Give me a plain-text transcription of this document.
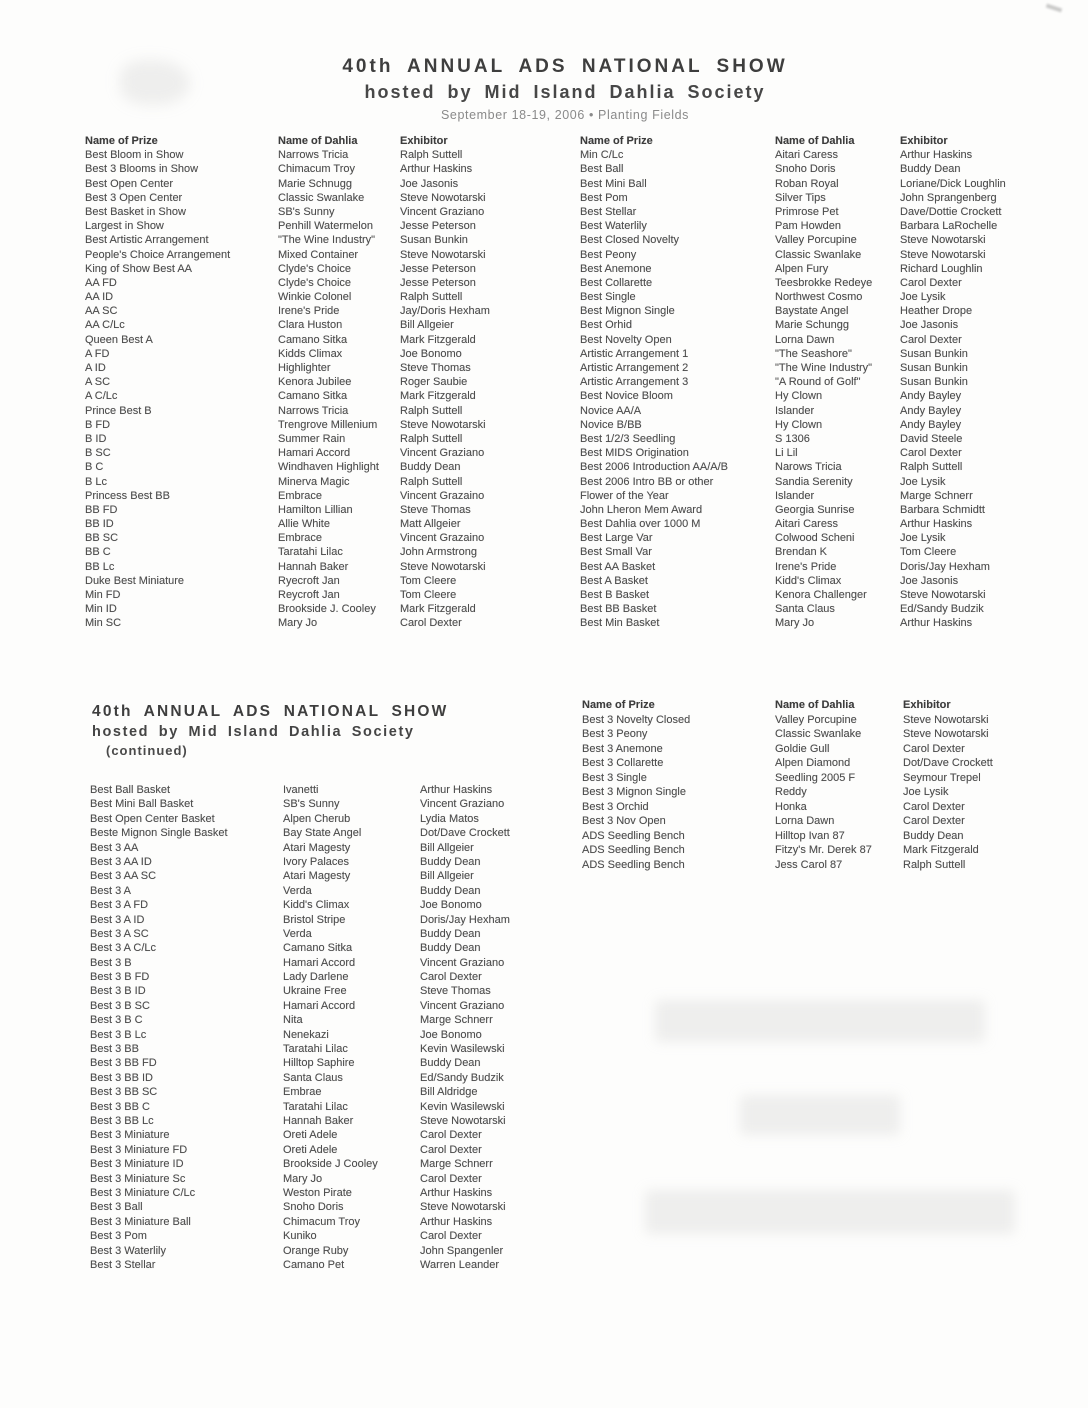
40th ANNUAL ADS NATIONAL SHOW
hosted by Mid Island Dahlia Society
September 18-19, 2006 • Planting Fields
Name of Prize	Name of Dahlia	Exhibitor
Best Bloom in Show	Narrows Tricia	Ralph Suttell
Best 3 Blooms in Show	Chimacum Troy	Arthur Haskins
Best Open Center	Marie Schnugg	Joe Jasonis
Best 3 Open Center	Classic Swanlake	Steve Nowotarski
Best Basket in Show	SB's Sunny	Vincent Graziano
Largest in Show	Penhill Watermelon	Jesse Peterson
Best Artistic Arrangement	"The Wine Industry"	Susan Bunkin
People's Choice Arrangement	Mixed Container	Steve Nowotarski
King of Show Best AA	Clyde's Choice	Jesse Peterson
AA FD	Clyde's Choice	Jesse Peterson
AA ID	Winkie Colonel	Ralph Suttell
AA SC	Irene's Pride	Jay/Doris Hexham
AA C/Lc	Clara Huston	Bill Allgeier
Queen Best A	Camano Sitka	Mark Fitzgerald
A FD	Kidds Climax	Joe Bonomo
A ID	Highlighter	Steve Thomas
A SC	Kenora Jubilee	Roger Saubie
A C/Lc	Camano Sitka	Mark Fitzgerald
Prince Best B	Narrows Tricia	Ralph Suttell
B FD	Trengrove Millenium	Steve Nowotarski
B ID	Summer Rain	Ralph Suttell
B SC	Hamari Accord	Vincent Graziano
B C	Windhaven Highlight	Buddy Dean
B Lc	Minerva Magic	Ralph Suttell
Princess Best BB	Embrace	Vincent Grazaino
BB FD	Hamilton Lillian	Steve Thomas
BB ID	Allie White	Matt Allgeier
BB SC	Embrace	Vincent Grazaino
BB C	Taratahi Lilac	John Armstrong
BB Lc	Hannah Baker	Steve Nowotarski
Duke Best Miniature	Ryecroft Jan	Tom Cleere
Min FD	Reycroft Jan	Tom Cleere
Min ID	Brookside J. Cooley	Mark Fitzgerald
Min SC	Mary Jo	Carol Dexter
Name of Prize	Name of Dahlia	Exhibitor
Min C/Lc	Aitari Caress	Arthur Haskins
Best Ball	Snoho Doris	Buddy Dean
Best Mini Ball	Roban Royal	Loriane/Dick Loughlin
Best Pom	Silver Tips	John Sprangenberg
Best Stellar	Primrose Pet	Dave/Dottie Crockett
Best Waterlily	Pam Howden	Barbara LaRochelle
Best Closed Novelty	Valley Porcupine	Steve Nowotarski
Best Peony	Classic Swanlake	Steve Nowotarski
Best Anemone	Alpen Fury	Richard Loughlin
Best Collarette	Teesbrokke Redeye	Carol Dexter
Best Single	Northwest Cosmo	Joe Lysik
Best Mignon Single	Baystate Angel	Heather Drope
Best Orhid	Marie Schungg	Joe Jasonis
Best Novelty Open	Lorna Dawn	Carol Dexter
Artistic Arrangement 1	"The Seashore"	Susan Bunkin
Artistic Arrangement 2	"The Wine Industry"	Susan Bunkin
Artistic Arrangement 3	"A Round of Golf"	Susan Bunkin
Best Novice Bloom	Hy Clown	Andy Bayley
Novice AA/A	Islander	Andy Bayley
Novice B/BB	Hy Clown	Andy Bayley
Best 1/2/3 Seedling	S 1306	David Steele
Best MIDS Origination	Li Lil	Carol Dexter
Best 2006 Introduction AA/A/B	Narows Tricia	Ralph Suttell
Best 2006 Intro BB or other	Sandia Serenity	Joe Lysik
Flower of the Year	Islander	Marge Schnerr
John Lheron Mem Award	Georgia Sunrise	Barbara Schmidtt
Best Dahlia over 1000 M	Aitari Caress	Arthur Haskins
Best Large Var	Colwood Scheni	Joe Lysik
Best Small Var	Brendan K	Tom Cleere
Best AA Basket	Irene's Pride	Doris/Jay Hexham
Best A Basket	Kidd's Climax	Joe Jasonis
Best B Basket	Kenora Challenger	Steve Nowotarski
Best BB Basket	Santa Claus	Ed/Sandy Budzik
Best Min Basket	Mary Jo	Arthur Haskins
40th ANNUAL ADS NATIONAL SHOW
hosted by Mid Island Dahlia Society
(continued)
Best Ball Basket	Ivanetti	Arthur Haskins
Best Mini Ball Basket	SB's Sunny	Vincent Graziano
Best Open Center Basket	Alpen Cherub	Lydia Matos
Beste Mignon Single Basket	Bay State Angel	Dot/Dave Crockett
Best 3 AA	Atari Magesty	Bill Allgeier
Best 3 AA ID	Ivory Palaces	Buddy Dean
Best 3 AA SC	Atari Magesty	Bill Allgeier
Best 3 A	Verda	Buddy Dean
Best 3 A FD	Kidd's Climax	Joe Bonomo
Best 3 A ID	Bristol Stripe	Doris/Jay Hexham
Best 3 A SC	Verda	Buddy Dean
Best 3 A C/Lc	Camano Sitka	Buddy Dean
Best 3 B	Hamari Accord	Vincent Graziano
Best 3 B FD	Lady Darlene	Carol Dexter
Best 3 B ID	Ukraine Free	Steve Thomas
Best 3 B SC	Hamari Accord	Vincent Graziano
Best 3 B C	Nita	Marge Schnerr
Best 3 B Lc	Nenekazi	Joe Bonomo
Best 3 BB	Taratahi Lilac	Kevin Wasilewski
Best 3 BB FD	Hilltop Saphire	Buddy Dean
Best 3 BB ID	Santa Claus	Ed/Sandy Budzik
Best 3 BB SC	Embrae	Bill Aldridge
Best 3 BB C	Taratahi Lilac	Kevin Wasilewski
Best 3 BB Lc	Hannah Baker	Steve Nowotarski
Best 3 Miniature	Oreti Adele	Carol Dexter
Best 3 Miniature FD	Oreti Adele	Carol Dexter
Best 3 Miniature ID	Brookside J Cooley	Marge Schnerr
Best 3 Miniature Sc	Mary Jo	Carol Dexter
Best 3 Miniature C/Lc	Weston Pirate	Arthur Haskins
Best 3 Ball	Snoho Doris	Steve Nowotarski
Best 3 Miniature Ball	Chimacum Troy	Arthur Haskins
Best 3 Pom	Kuniko	Carol Dexter
Best 3 Waterlily	Orange Ruby	John Spangenler
Best 3 Stellar	Camano Pet	Warren Leander
Name of Prize	Name of Dahlia	Exhibitor
Best 3 Novelty Closed	Valley Porcupine	Steve Nowotarski
Best 3 Peony	Classic Swanlake	Steve Nowotarski
Best 3 Anemone	Goldie Gull	Carol Dexter
Best 3 Collarette	Alpen Diamond	Dot/Dave Crockett
Best 3 Single	Seedling 2005 F	Seymour Trepel
Best 3 Mignon Single	Reddy	Joe Lysik
Best 3 Orchid	Honka	Carol Dexter
Best 3 Nov Open	Lorna Dawn	Carol Dexter
ADS Seedling Bench	Hilltop Ivan 87	Buddy Dean
ADS Seedling Bench	Fitzy's Mr. Derek 87	Mark Fitzgerald
ADS Seedling Bench	Jess Carol 87	Ralph Suttell
